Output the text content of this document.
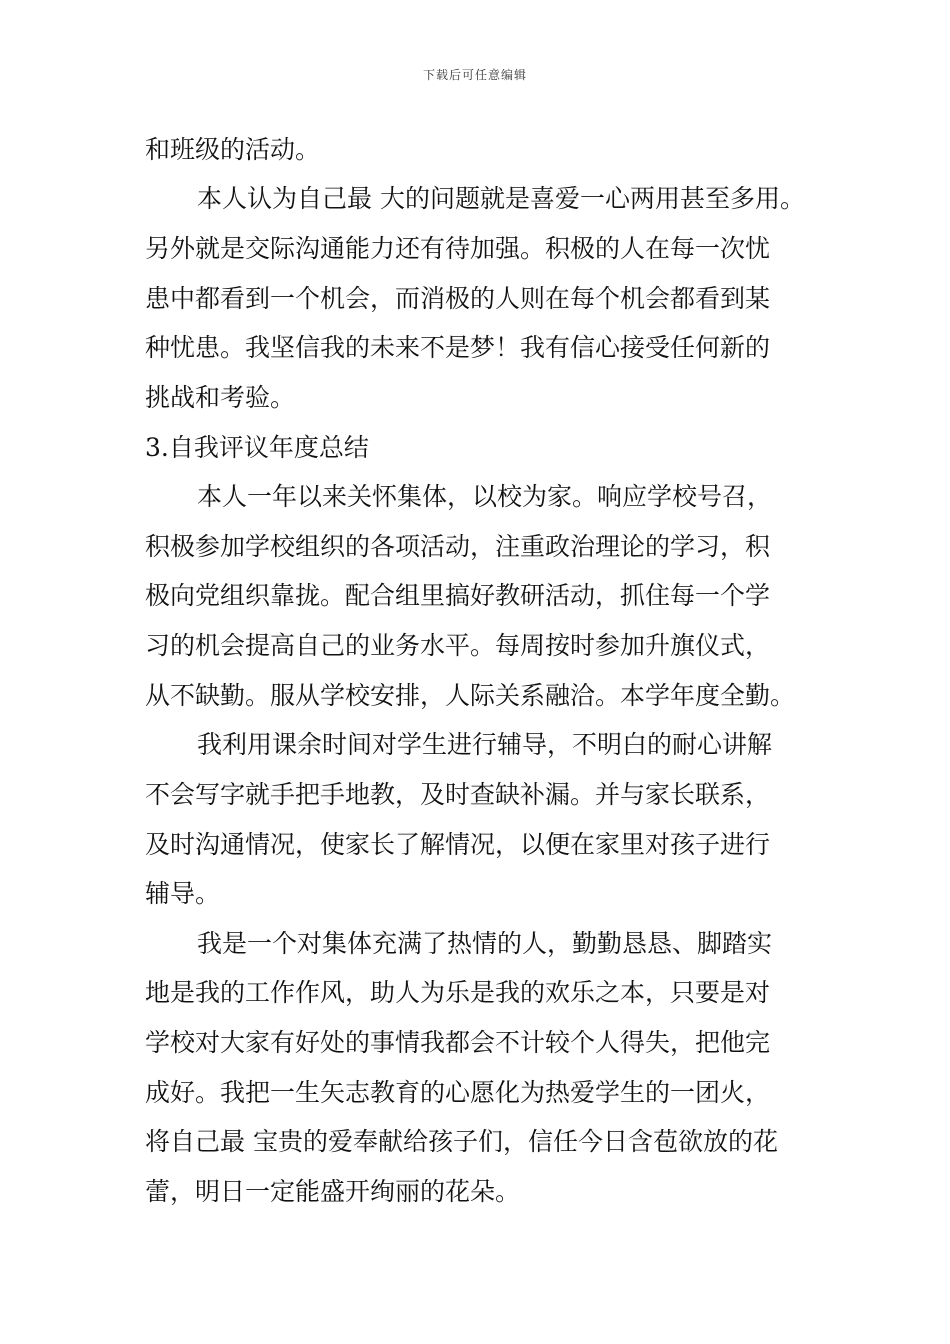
下载后可任意编辑
和班级的活动。
本人认为自己最 大的问题就是喜爱一心两用甚至多用。
另外就是交际沟通能力还有待加强。积极的人在每一次忧
患中都看到一个机会，而消极的人则在每个机会都看到某
种忧患。我坚信我的未来不是梦！我有信心接受任何新的
挑战和考验。
3.自我评议年度总结
本人一年以来关怀集体，以校为家。响应学校号召，
积极参加学校组织的各项活动，注重政治理论的学习，积
极向党组织靠拢。配合组里搞好教研活动，抓住每一个学
习的机会提高自己的业务水平。每周按时参加升旗仪式，
从不缺勤。服从学校安排，人际关系融洽。本学年度全勤。
我利用课余时间对学生进行辅导，不明白的耐心讲解
不会写字就手把手地教，及时查缺补漏。并与家长联系，
及时沟通情况，使家长了解情况，以便在家里对孩子进行
辅导。
我是一个对集体充满了热情的人，勤勤恳恳、脚踏实
地是我的工作作风，助人为乐是我的欢乐之本，只要是对
学校对大家有好处的事情我都会不计较个人得失，把他完
成好。我把一生矢志教育的心愿化为热爱学生的一团火，
将自己最 宝贵的爱奉献给孩子们，信任今日含苞欲放的花
蕾，明日一定能盛开绚丽的花朵。
